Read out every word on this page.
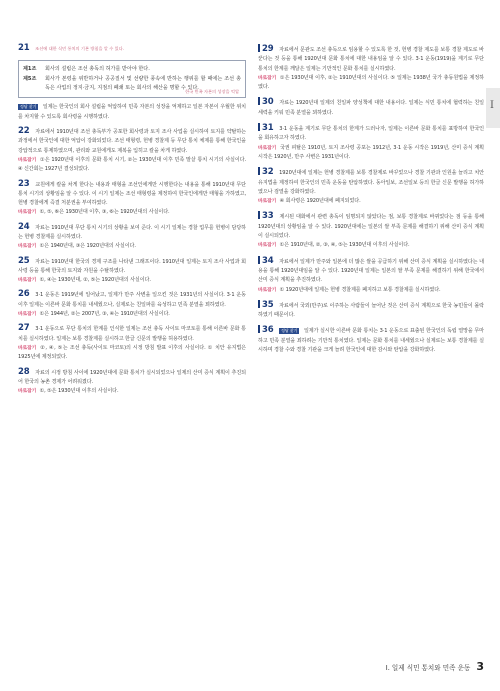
I
21 조선에 대한 식민 통치의 기본 방침을 알 수 있다.
제1조	회사의 설립은 조선 총독의 허가를 받아야 한다.
제5조	회사가 본령을 위반하거나 공공질서 및 선량한 풍속에 반하는 행위를 할 때에는 조선 총독은 사업의 정지·금지, 지점의 폐쇄 또는 회사의 해산을 명할 수 있다.
한국 민족 자본의 성장을 억압
정답 찾기 일제는 한국인의 회사 설립을 억압하여 민족 자본의 성장을 억제하고 일본 자본이 우월한 위치를 차지할 수 있도록 회사령을 시행하였다.
22 자료에서 1910년대 조선 총독부가 공포한 회사령과 토지 조사 사업을 실시하여 토지를 약탈하는 과정에서 한국인에 대한 억압이 강화되었다. 조선 태형령, 헌병 경찰제 등 무단 통치 체제를 통해 한국인을 강압적으로 통제하였으며, 관리와 교원에게도 제복을 입히고 칼을 차게 하였다.
바로잡기 ①은 1920년대 이후의 문화 통치 시기, ②는 1930년대 이후 민족 말살 통치 시기의 사실이다. ④ 신간회는 1927년 결성되었다.
23 교원에게 칼을 차게 한다는 내용과 태형을 조선인에게만 시행한다는 내용을 통해 1910년대 무단 통치 시기의 상황임을 알 수 있다. 이 시기 일제는 조선 태형령을 제정하여 한국인에게만 태형을 가하였고, 헌병 경찰에게 즉결 처분권을 부여하였다.
바로잡기 ①, ⑤, ⑥은 1930년대 이후, ③, ⑥는 1920년대의 사실이다.
24 자료는 1910년대 무단 통치 시기의 상황을 보여 준다. 이 시기 일제는 경찰 업무를 헌병이 담당하는 헌병 경찰제를 실시하였다.
바로잡기 ①은 1940년대, ③은 1920년대의 사실이다.
25 자료는 1910년대 한국의 경제 구조를 나타낸 그래프이다. 1910년대 일제는 토지 조사 사업과 회사령 등을 통해 한국의 토지와 자원을 수탈하였다.
바로잡기 ①, ④는 1930년대, ②, ⑤는 1920년대의 사실이다.
26 3·1 운동은 1919년에 일어났고, 일제가 만주 사변을 일으킨 것은 1931년의 사실이다. 3·1 운동 이후 일제는 이른바 문화 통치를 내세웠으나, 실제로는 친일파를 육성하고 민족 분열을 꾀하였다.
바로잡기 ①은 1944년, ②는 2007년, ③, ④는 1910년대의 사실이다.
27 3·1 운동으로 무단 통치의 한계를 인식한 일제는 조선 총독 사이토 마코토를 통해 이른바 문화 통치를 실시하였다. 일제는 보통 경찰제를 실시하고 한글 신문의 발행을 허용하였다.
바로잡기 ②, ④, ⑤는 조선 총독(사이토 마코토)의 시정 방침 발표 이후의 사실이다. ① 치안 유지법은 1925년에 제정되었다.
28 자료의 시정 방침 사이에 1920년대에 문화 통치가 실시되었으나 일제의 산미 증식 계획이 추진되어 한국의 농촌 경제가 어려워졌다.
바로잡기 ①, ⑤은 1930년대 이후의 사실이다.
29 자료에서 문관도 조선 총독으로 임용할 수 있도록 한 것, 헌병 경찰 제도를 보통 경찰 제도로 바꾼다는 것 등을 통해 1920년대 문화 통치에 대한 내용임을 알 수 있다. 3·1 운동(1919)을 계기로 무단 통치의 한계를 깨달은 일제는 기만적인 문화 통치를 실시하였다.
바로잡기 ①은 1930년대 이후, ②는 1910년대의 사실이다. ⑤ 일제는 1938년 국가 총동원법을 제정하였다.
30 자료는 1920년대 일제의 친일파 양성책에 대한 내용이다. 일제는 식민 통치에 협력하는 친일 세력을 키워 민족 분열을 꾀하였다.
31 3·1 운동을 계기로 무단 통치의 한계가 드러나자, 일제는 이른바 문화 통치를 표방하여 한국인을 회유하고자 하였다.
바로잡기 국권 피탈은 1910년, 토지 조사령 공포는 1912년, 3·1 운동 시작은 1919년, 산미 증식 계획 시작은 1920년, 만주 사변은 1931년이다.
32 1920년대에 일제는 헌병 경찰제를 보통 경찰제로 바꾸었으나 경찰 기관과 인원을 늘리고 치안 유지법을 제정하여 한국인의 민족 운동을 탄압하였다. 동아일보, 조선일보 등의 한글 신문 발행을 허가하였으나 검열을 강화하였다.
바로잡기 ④ 회사령은 1920년대에 폐지되었다.
33 제시된 대화에서 관련 총독이 임명되지 않았다는 점, 보통 경찰제로 바뀌었다는 점 등을 통해 1920년대의 상황임을 알 수 있다. 1920년대에는 일본의 쌀 부족 문제를 해결하기 위해 산미 증식 계획이 실시되었다.
바로잡기 ①은 1910년대, ②, ③, ④, ⑤는 1930년대 이후의 사실이다.
34 자료에서 일제가 만주와 일본에 더 많은 쌀을 공급하기 위해 산미 증식 계획을 실시하였다는 내용을 통해 1920년대임을 알 수 있다. 1920년대 일제는 일본의 쌀 부족 문제를 해결하기 위해 한국에서 산미 증식 계획을 추진하였다.
바로잡기 ① 1920년대에 일제는 헌병 경찰제를 폐지하고 보통 경찰제를 실시하였다.
35 자료에서 국외(만주)로 이주하는 사람들이 늘어난 것은 산미 증식 계획으로 한국 농민들이 몰락하였기 때문이다.
36 정답 찾기 일제가 실시한 이른바 문화 통치는 3·1 운동으로 표출된 한국인의 독립 열망을 무마하고 민족 분열을 꾀하려는 기만적 통치였다. 일제는 문화 통치를 내세웠으나 실제로는 보통 경찰제를 실시하며 경찰 수와 경찰 기관을 크게 늘려 한국인에 대한 감시와 탄압을 강화하였다.
I. 일제 식민 통치와 민족 운동 3
